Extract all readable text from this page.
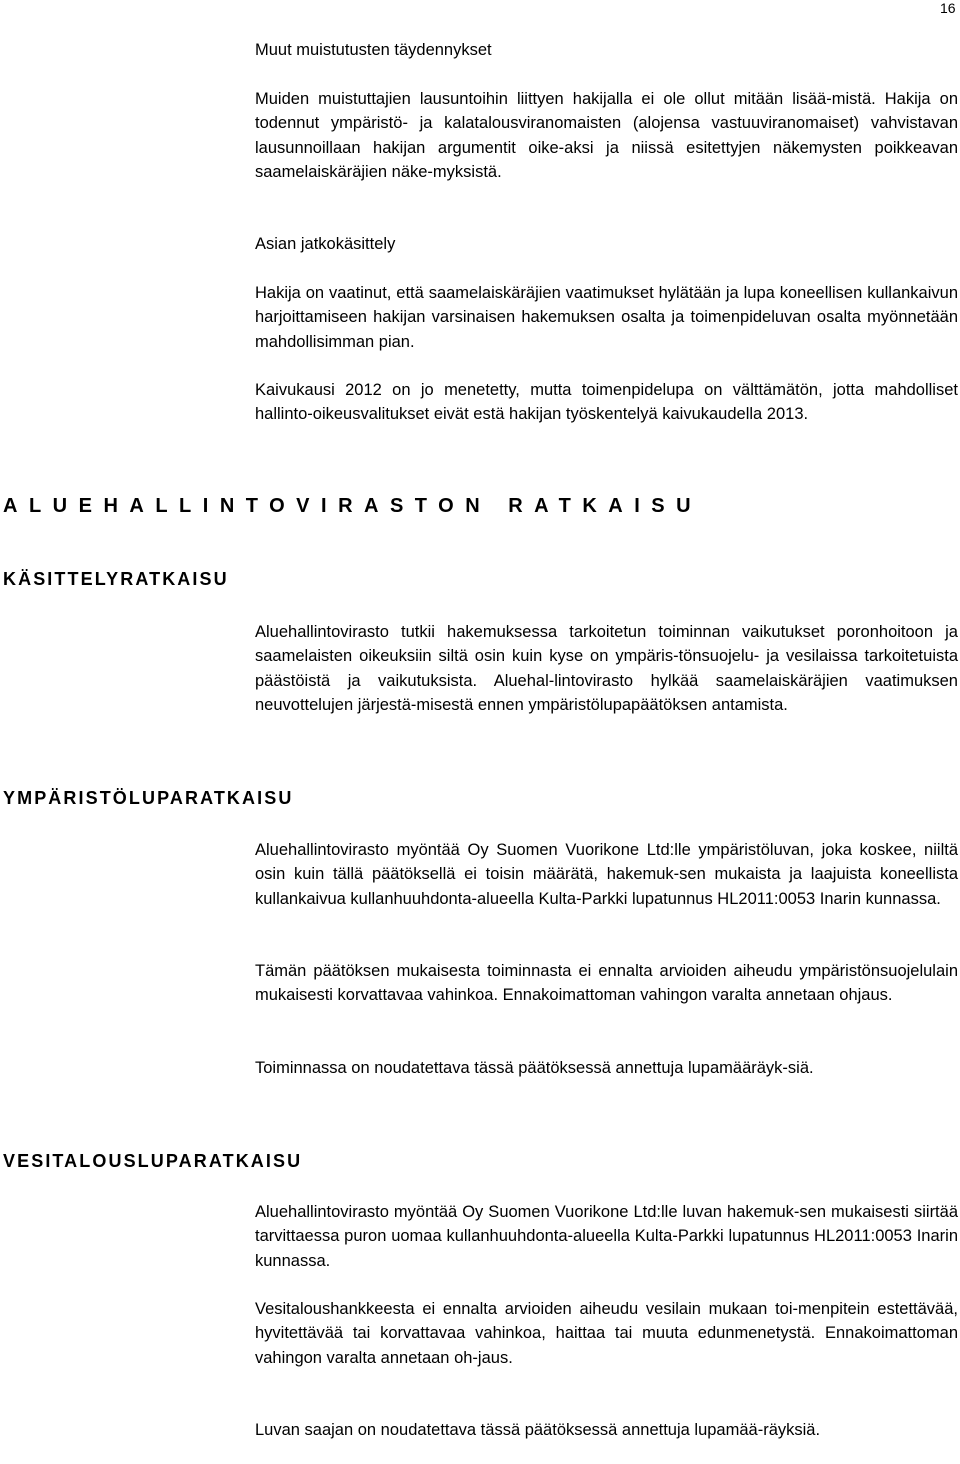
16

Muut muistutusten täydennykset

Muiden muistuttajien lausuntoihin liittyen hakijalla ei ole ollut mitään lisää-mistä. Hakija on todennut ympäristö- ja kalatalousviranomaisten (alojensa vastuuviranomaiset) vahvistavan lausunnoillaan hakijan argumentit oike-aksi ja niissä esitettyjen näkemysten poikkeavan saamelaiskäräjien näke-myksistä.

Asian jatkokäsittely

Hakija on vaatinut, että saamelaiskäräjien vaatimukset hylätään ja lupa koneellisen kullankaivun harjoittamiseen hakijan varsinaisen hakemuksen osalta ja toimenpideluvan osalta myönnetään mahdollisimman pian.

Kaivukausi 2012 on jo menetetty, mutta toimenpidelupa on välttämätön, jotta mahdolliset hallinto-oikeusvalitukset eivät estä hakijan työskentelyä kaivukaudella 2013.

ALUEHALLINTOVIRASTON RATKAISU
KÄSITTELYRATKAISU

Aluehallintovirasto tutkii hakemuksessa tarkoitetun toiminnan vaikutukset poronhoitoon ja saamelaisten oikeuksiin siltä osin kuin kyse on ympäris-tönsuojelu- ja vesilaissa tarkoitetuista päästöistä ja vaikutuksista. Aluehal-lintovirasto hylkää saamelaiskäräjien vaatimuksen neuvottelujen järjestä-misestä ennen ympäristölupapäätöksen antamista.

YMPÄRISTÖLUPARATKAISU

Aluehallintovirasto myöntää Oy Suomen Vuorikone Ltd:lle ympäristöluvan, joka koskee, niiltä osin kuin tällä päätöksellä ei toisin määrätä, hakemuk-sen mukaista ja laajuista koneellista kullankaivua kullanhuuhdonta-alueella Kulta-Parkki lupatunnus HL2011:0053 Inarin kunnassa.

Tämän päätöksen mukaisesta toiminnasta ei ennalta arvioiden aiheudu ympäristönsuojelulain mukaisesti korvattavaa vahinkoa. Ennakoimattoman vahingon varalta annetaan ohjaus.

Toiminnassa on noudatettava tässä päätöksessä annettuja lupamääräyk-siä.

VESITALOUSLUPARATKAISU

Aluehallintovirasto myöntää Oy Suomen Vuorikone Ltd:lle luvan hakemuk-sen mukaisesti siirtää tarvittaessa puron uomaa kullanhuuhdonta-alueella Kulta-Parkki lupatunnus HL2011:0053 Inarin kunnassa.

Vesitaloushankkeesta ei ennalta arvioiden aiheudu vesilain mukaan toi-menpitein estettävää, hyvitettävää tai korvattavaa vahinkoa, haittaa tai muuta edunmenetystä. Ennakoimattoman vahingon varalta annetaan oh-jaus.

Luvan saajan on noudatettava tässä päätöksessä annettuja lupamää-räyksiä.
